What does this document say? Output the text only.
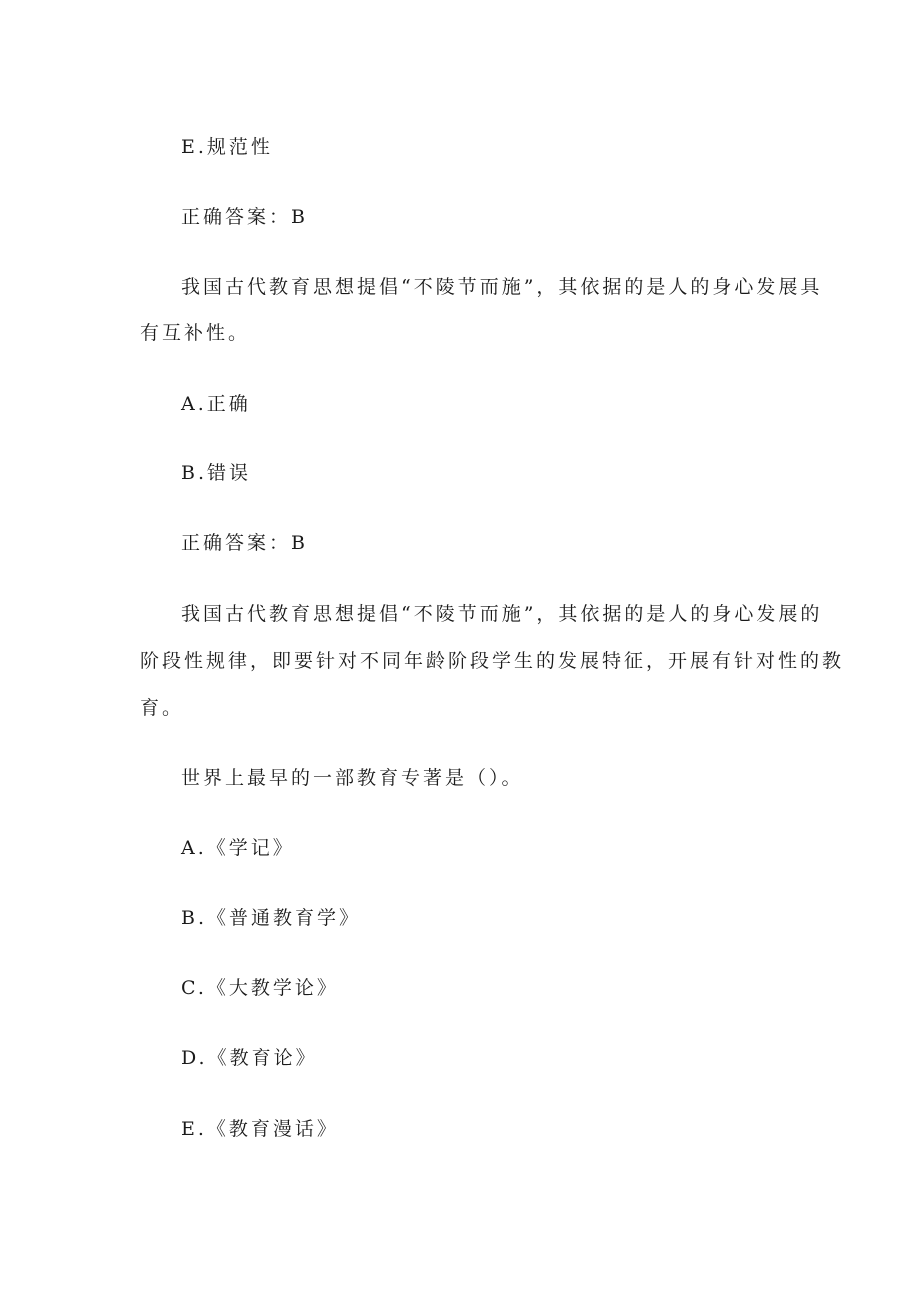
E.规范性
正确答案：B
我国古代教育思想提倡“不陵节而施”，其依据的是人的身心发展具
有互补性。
A.正确
B.错误
正确答案：B
我国古代教育思想提倡“不陵节而施”，其依据的是人的身心发展的
阶段性规律，即要针对不同年龄阶段学生的发展特征，开展有针对性的教
育。
世界上最早的一部教育专著是（）。
A.《学记》
B.《普通教育学》
C.《大教学论》
D.《教育论》
E.《教育漫话》
